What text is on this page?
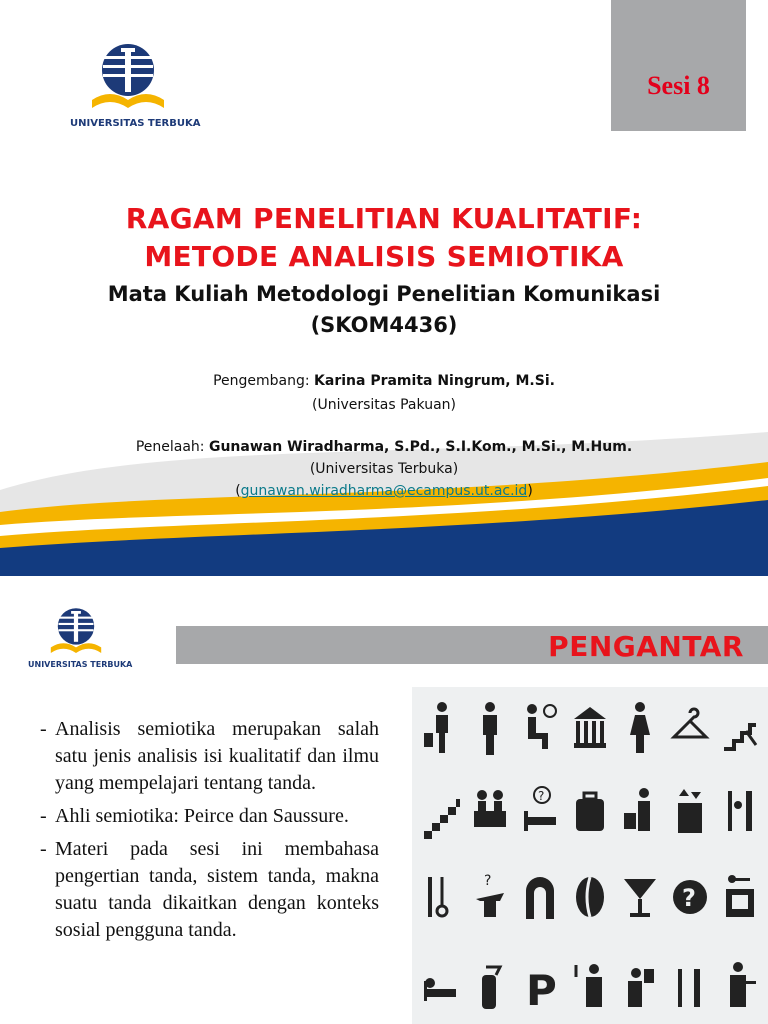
UNIVERSITAS TERBUKA
Sesi 8
RAGAM PENELITIAN KUALITATIF:
METODE ANALISIS SEMIOTIKA
Mata Kuliah Metodologi Penelitian Komunikasi
(SKOM4436)
Pengembang: Karina Pramita Ningrum, M.Si.
(Universitas Pakuan)
Penelaah: Gunawan Wiradharma, S.Pd., S.I.Kom., M.Si., M.Hum.
(Universitas Terbuka)
(gunawan.wiradharma@ecampus.ut.ac.id)
UNIVERSITAS TERBUKA
PENGANTAR
- Analisis semiotika merupakan salah satu jenis analisis isi kualitatif dan ilmu yang mempelajari tentang tanda.
- Ahli semiotika: Peirce dan Saussure.
- Materi pada sesi ini membahasa pengertian tanda, sistem tanda, makna suatu tanda dikaitkan dengan konteks sosial pengguna tanda.
?
?
?
P
